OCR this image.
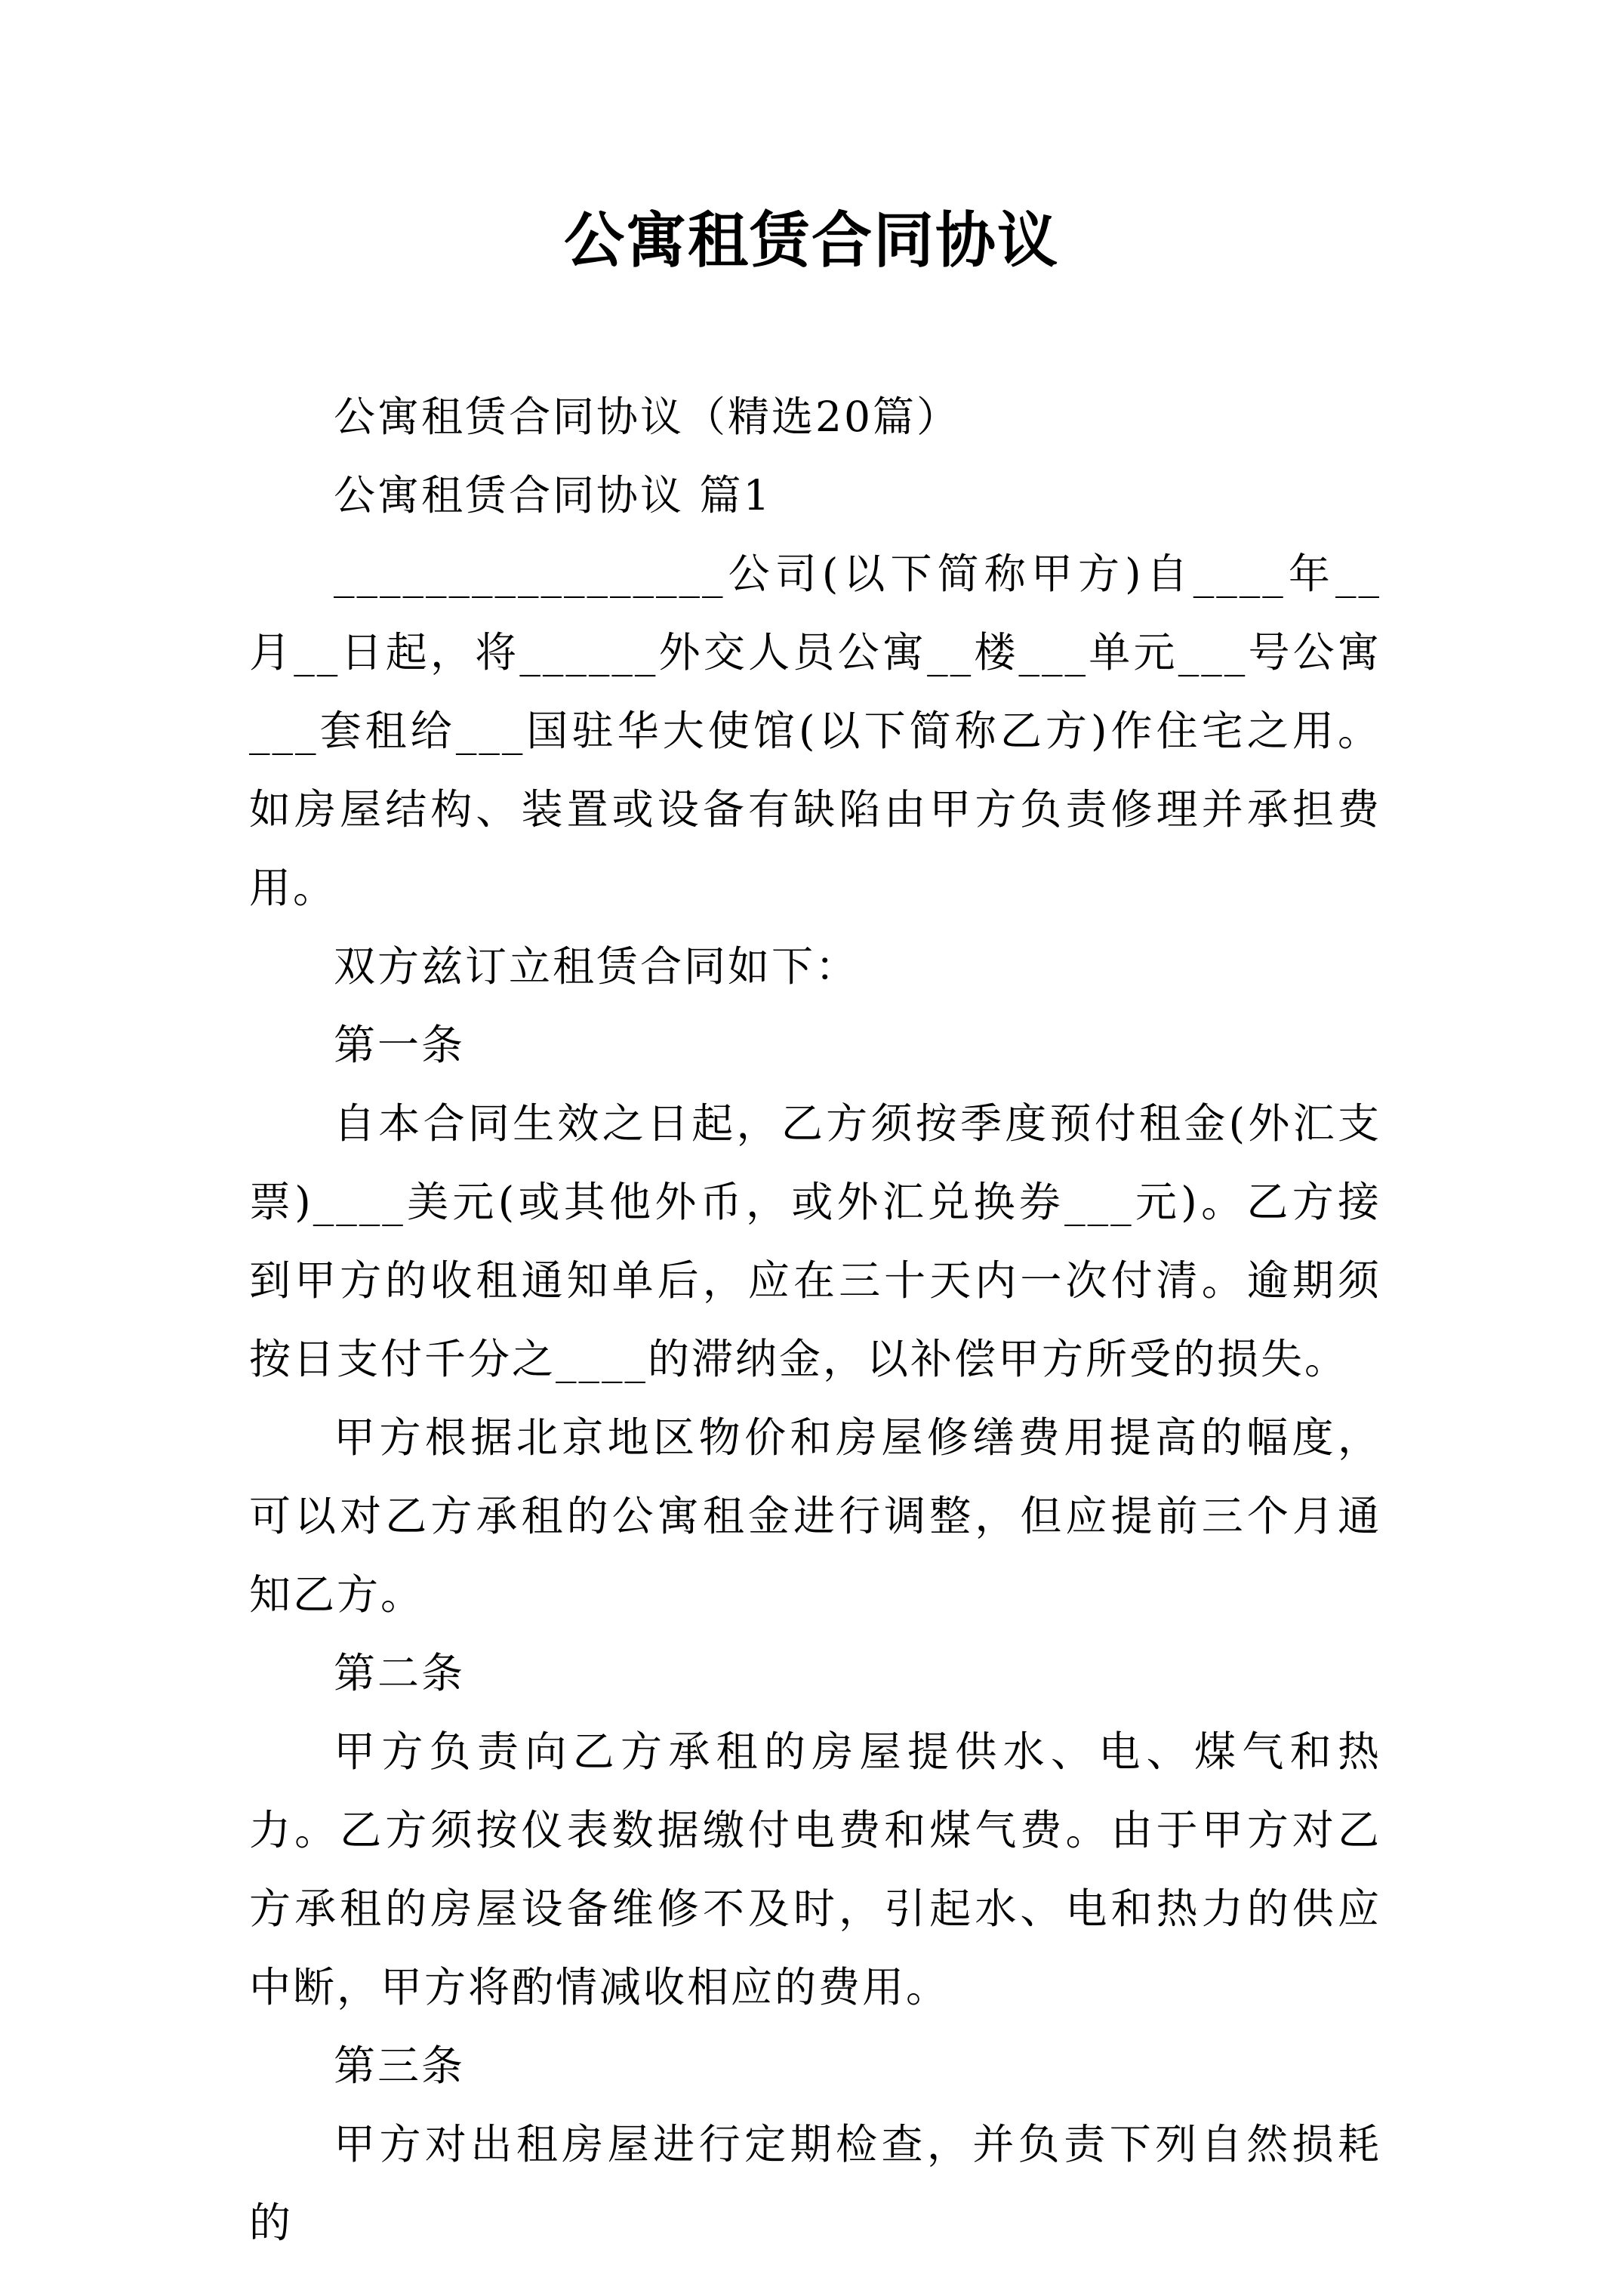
公寓租赁合同协议

公寓租赁合同协议（精选20篇）

公寓租赁合同协议 篇1

_________________公司(以下简称甲方)自____年__月__日起，将______外交人员公寓__楼___单元___号公寓___套租给___国驻华大使馆(以下简称乙方)作住宅之用。如房屋结构、装置或设备有缺陷由甲方负责修理并承担费用。

双方兹订立租赁合同如下：

第一条

自本合同生效之日起，乙方须按季度预付租金(外汇支票)____美元(或其他外币，或外汇兑换券___元)。乙方接到甲方的收租通知单后，应在三十天内一次付清。逾期须按日支付千分之____的滞纳金，以补偿甲方所受的损失。

甲方根据北京地区物价和房屋修缮费用提高的幅度，可以对乙方承租的公寓租金进行调整，但应提前三个月通知乙方。

第二条

甲方负责向乙方承租的房屋提供水、电、煤气和热力。乙方须按仪表数据缴付电费和煤气费。由于甲方对乙方承租的房屋设备维修不及时，引起水、电和热力的供应中断，甲方将酌情减收相应的费用。

第三条

甲方对出租房屋进行定期检查，并负责下列自然损耗的
